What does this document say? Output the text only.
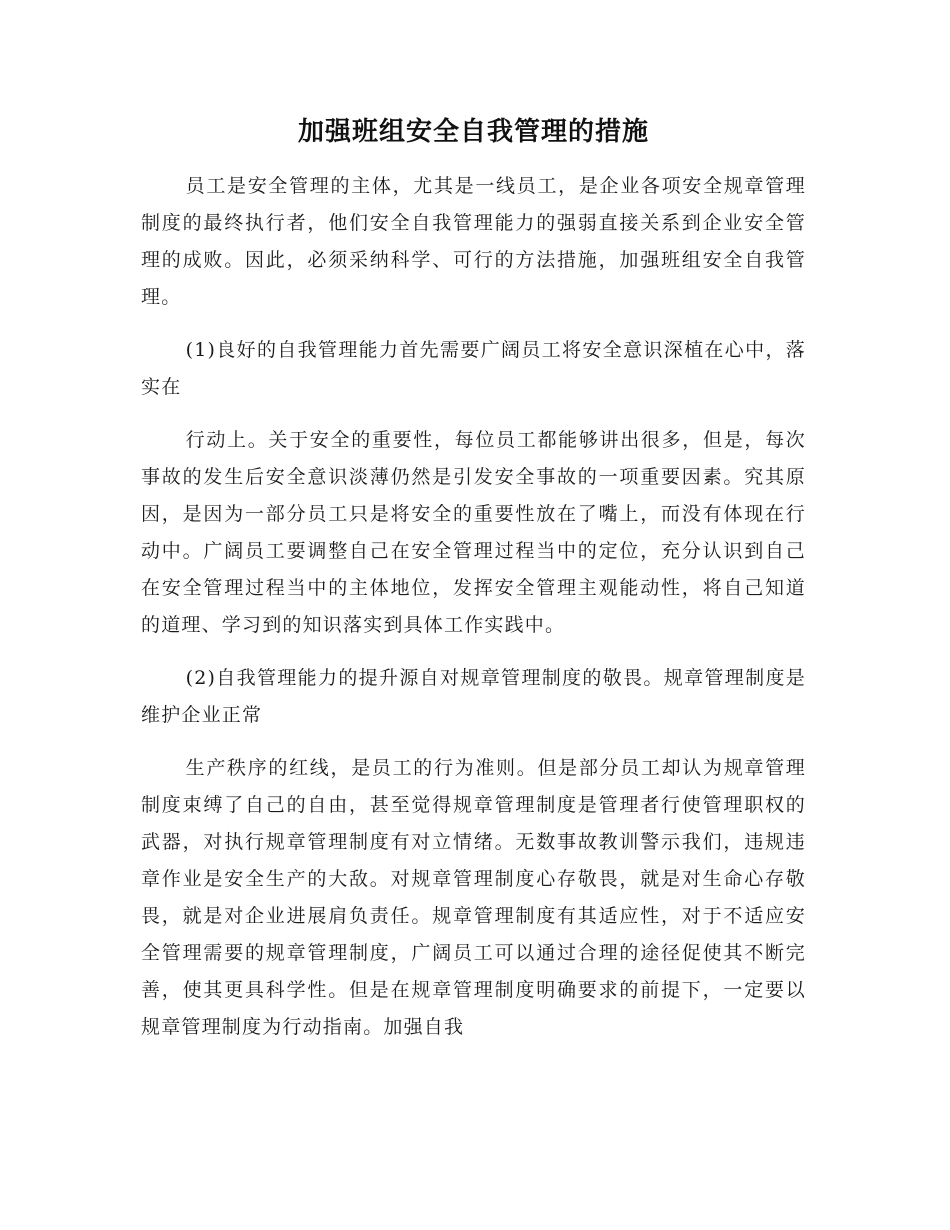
加强班组安全自我管理的措施

员工是安全管理的主体，尤其是一线员工，是企业各项安全规章管理制度的最终执行者，他们安全自我管理能力的强弱直接关系到企业安全管理的成败。因此，必须采纳科学、可行的方法措施，加强班组安全自我管理。

(1)良好的自我管理能力首先需要广阔员工将安全意识深植在心中，落实在

行动上。关于安全的重要性，每位员工都能够讲出很多，但是，每次事故的发生后安全意识淡薄仍然是引发安全事故的一项重要因素。究其原因，是因为一部分员工只是将安全的重要性放在了嘴上，而没有体现在行动中。广阔员工要调整自己在安全管理过程当中的定位，充分认识到自己在安全管理过程当中的主体地位，发挥安全管理主观能动性，将自己知道的道理、学习到的知识落实到具体工作实践中。

(2)自我管理能力的提升源自对规章管理制度的敬畏。规章管理制度是维护企业正常

生产秩序的红线，是员工的行为准则。但是部分员工却认为规章管理制度束缚了自己的自由，甚至觉得规章管理制度是管理者行使管理职权的武器，对执行规章管理制度有对立情绪。无数事故教训警示我们，违规违章作业是安全生产的大敌。对规章管理制度心存敬畏，就是对生命心存敬畏，就是对企业进展肩负责任。规章管理制度有其适应性，对于不适应安全管理需要的规章管理制度，广阔员工可以通过合理的途径促使其不断完善，使其更具科学性。但是在规章管理制度明确要求的前提下，一定要以规章管理制度为行动指南。加强自我
